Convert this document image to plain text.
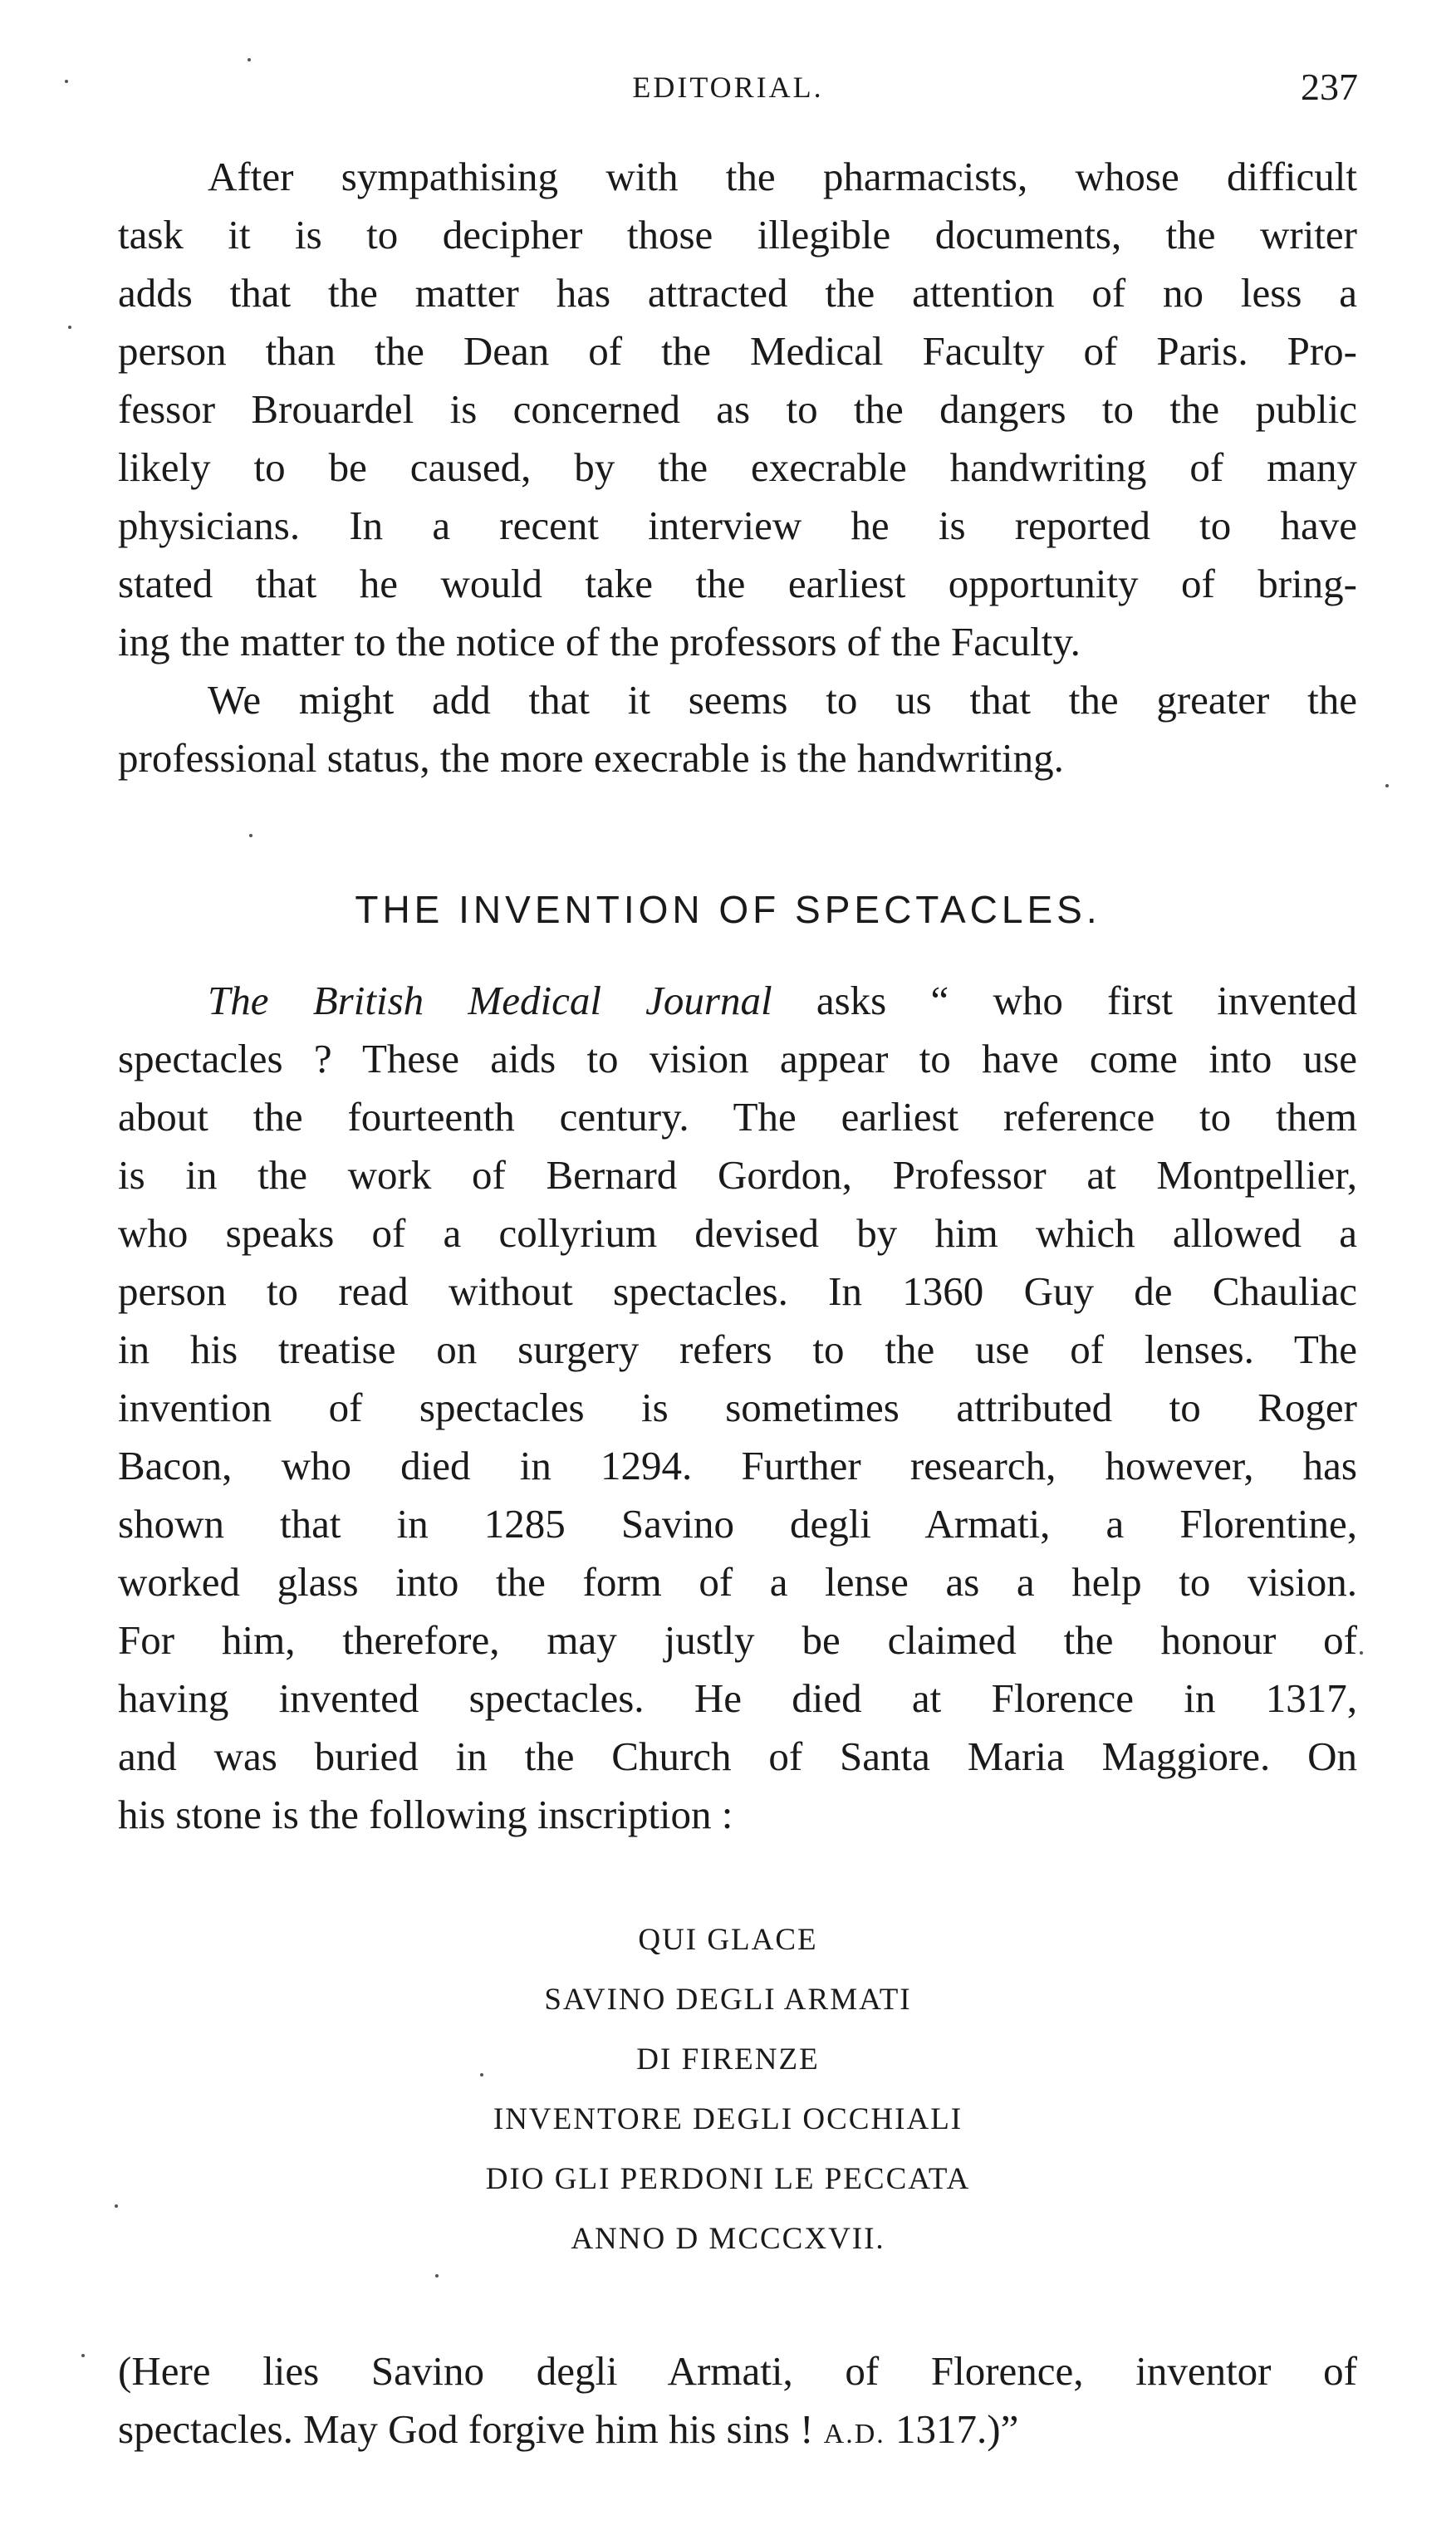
EDITORIAL.	237
After sympathising with the pharmacists, whose difficult
task it is to decipher those illegible documents, the writer
adds that the matter has attracted the attention of no less a
person than the Dean of the Medical Faculty of Paris. Pro-
fessor Brouardel is concerned as to the dangers to the public
likely to be caused, by the execrable handwriting of many
physicians. In a recent interview he is reported to have
stated that he would take the earliest opportunity of bring-
ing the matter to the notice of the professors of the Faculty.
We might add that it seems to us that the greater the
professional status, the more execrable is the handwriting.
THE INVENTION OF SPECTACLES.
The British Medical Journal asks “ who first invented
spectacles ? These aids to vision appear to have come into use
about the fourteenth century. The earliest reference to them
is in the work of Bernard Gordon, Professor at Montpellier,
who speaks of a collyrium devised by him which allowed a
person to read without spectacles. In 1360 Guy de Chauliac
in his treatise on surgery refers to the use of lenses. The
invention of spectacles is sometimes attributed to Roger
Bacon, who died in 1294. Further research, however, has
shown that in 1285 Savino degli Armati, a Florentine,
worked glass into the form of a lense as a help to vision.
For him, therefore, may justly be claimed the honour of
having invented spectacles. He died at Florence in 1317,
and was buried in the Church of Santa Maria Maggiore. On
his stone is the following inscription :
QUI GLACE
SAVINO DEGLI ARMATI
DI FIRENZE
INVENTORE DEGLI OCCHIALI
DIO GLI PERDONI LE PECCATA
ANNO D MCCCXVII.
(Here lies Savino degli Armati, of Florence, inventor of
spectacles. May God forgive him his sins ! A.D. 1317.)”
